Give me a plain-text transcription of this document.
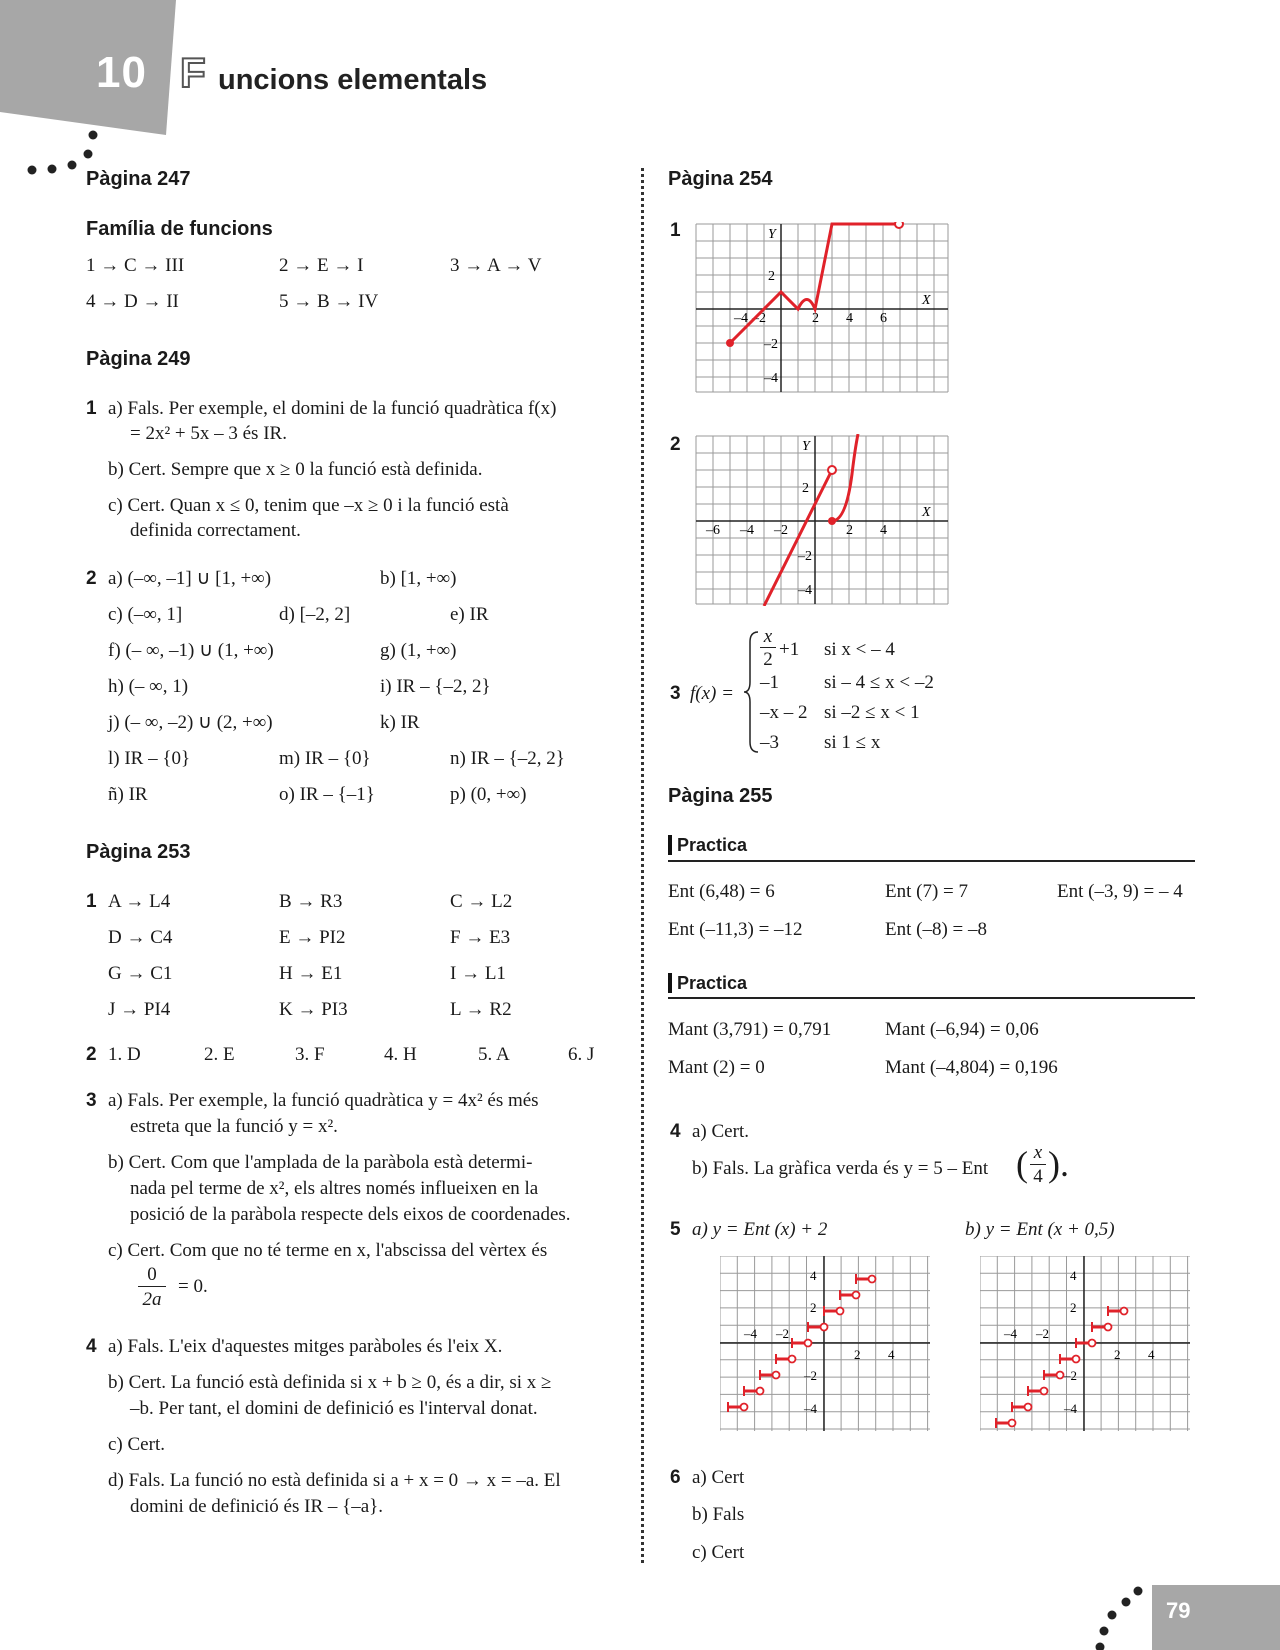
10 F uncions elementals
Pàgina 247
Família de funcions
1 → C → III	2 → E → I	3 → A → V
4 → D → II	5 → B → IV
Pàgina 249
1 a) Fals. Per exemple, el domini de la funció quadràtica f(x)
= 2x² + 5x – 3 és IR.
b) Cert. Sempre que x ≥ 0 la funció està definida.
c) Cert. Quan x ≤ 0, tenim que –x ≥ 0 i la funció està
definida correctament.
2 a) (–∞, –1] ∪ [1, +∞)	b) [1, +∞)
c) (–∞, 1]	d) [–2, 2]	e) IR
f) (– ∞, –1) ∪ (1, +∞)	g) (1, +∞)
h) (– ∞, 1)	i) IR – {–2, 2}
j) (– ∞, –2) ∪ (2, +∞)	k) IR
l) IR – {0}	m) IR – {0}	n) IR – {–2, 2}
ñ) IR	o) IR – {–1}	p) (0, +∞)
Pàgina 253
1 A → L4	B → R3	C → L2
D → C4	E → PI2	F → E3
G → C1	H → E1	I → L1
J → PI4	K → PI3	L → R2
2 1. D	2. E	3. F	4. H	5. A	6. J
3 a) Fals. Per exemple, la funció quadràtica y = 4x² és més
estreta que la funció y = x².
b) Cert. Com que l'amplada de la paràbola està determi-
nada pel terme de x², els altres només influeixen en la
posició de la paràbola respecte dels eixos de coordenades.
c) Cert. Com que no té terme en x, l'abscissa del vèrtex és
0
2a
= 0.
4 a) Fals. L'eix d'aquestes mitges paràboles és l'eix X.
b) Cert. La funció està definida si x + b ≥ 0, és a dir, si x ≥
–b. Per tant, el domini de definició es l'interval donat.
c) Cert.
d) Fals. La funció no està definida si a + x = 0 → x = –a. El
domini de definició és IR – {–a}.
Pàgina 254
1
–4 –2	2 4 6
2
–2
–4
X
Y
2
–6 –4 –2	2 4
2
–2
–4
X
Y
3 f(x) =
x
2 +1 si x < – 4
–1 si – 4 ≤ x < –2
–x – 2 si –2 ≤ x < 1
–3 si 1 ≤ x
Pàgina 255
Practica
Ent (6,48) = 6	Ent (7) = 7	Ent (–3, 9) = – 4
Ent (–11,3) = –12	Ent (–8) = –8
Practica
Mant (3,791) = 0,791	Mant (–6,94) = 0,06
Mant (2) = 0	Mant (–4,804) = 0,196
4 a) Cert.
b) Fals. La gràfica verda és y = 5 – Ent ( x
4 ).
5 a) y = Ent (x) + 2	b) y = Ent (x + 0,5)
–4 –2
2 4
4
2
–2
–4
–4 –2
2 4
4
2
–2
–4
6 a) Cert
b) Fals
c) Cert
79
